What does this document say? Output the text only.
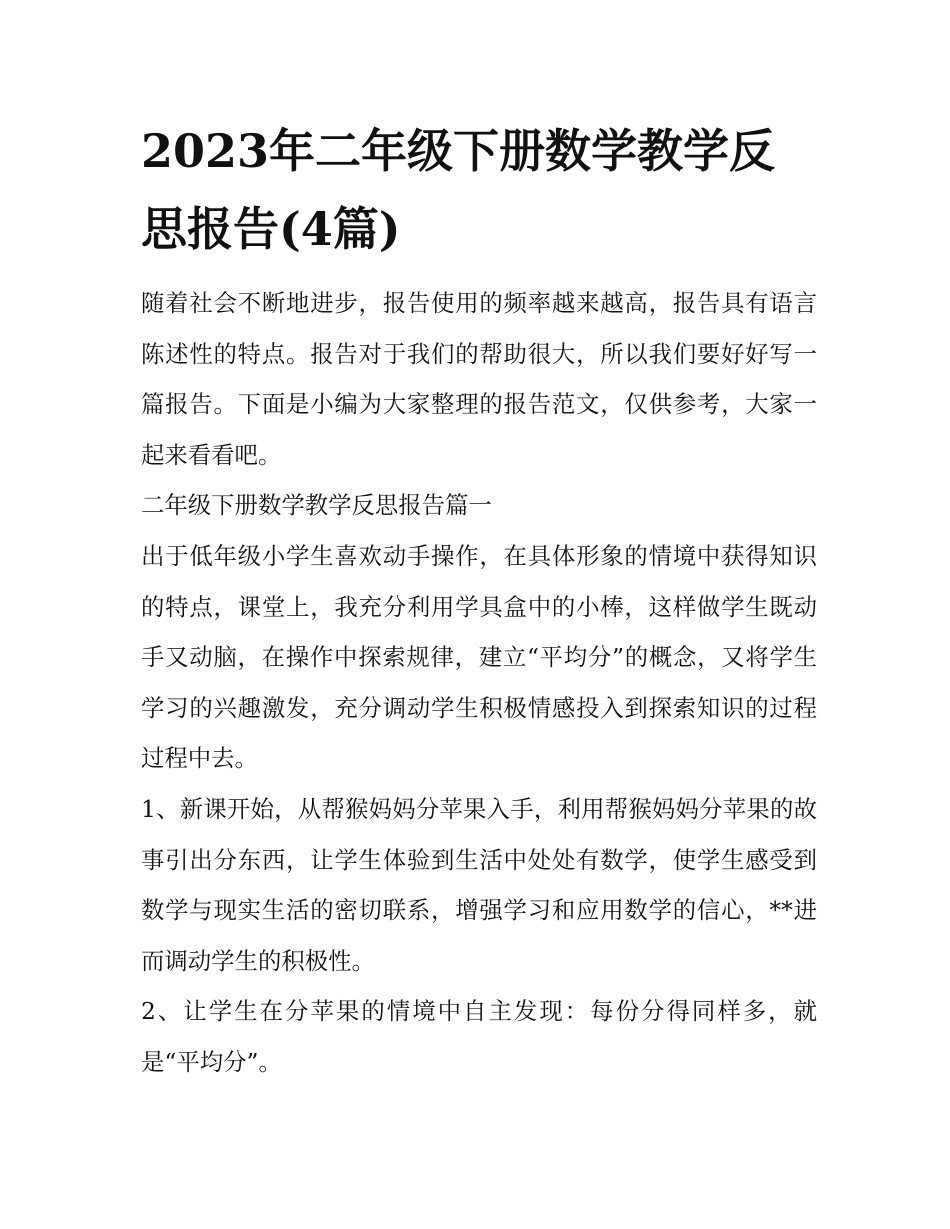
2023年二年级下册数学教学反思报告(4篇)

随着社会不断地进步，报告使用的频率越来越高，报告具有语言陈述性的特点。报告对于我们的帮助很大，所以我们要好好写一篇报告。下面是小编为大家整理的报告范文，仅供参考，大家一起来看看吧。

二年级下册数学教学反思报告篇一

出于低年级小学生喜欢动手操作，在具体形象的情境中获得知识的特点，课堂上，我充分利用学具盒中的小棒，这样做学生既动手又动脑，在操作中探索规律，建立“平均分”的概念，又将学生学习的兴趣激发，充分调动学生积极情感投入到探索知识的过程过程中去。

1、新课开始，从帮猴妈妈分苹果入手，利用帮猴妈妈分苹果的故事引出分东西，让学生体验到生活中处处有数学，使学生感受到数学与现实生活的密切联系，增强学习和应用数学的信心，**进而调动学生的积极性。

2、让学生在分苹果的情境中自主发现：每份分得同样多，就是“平均分”。
